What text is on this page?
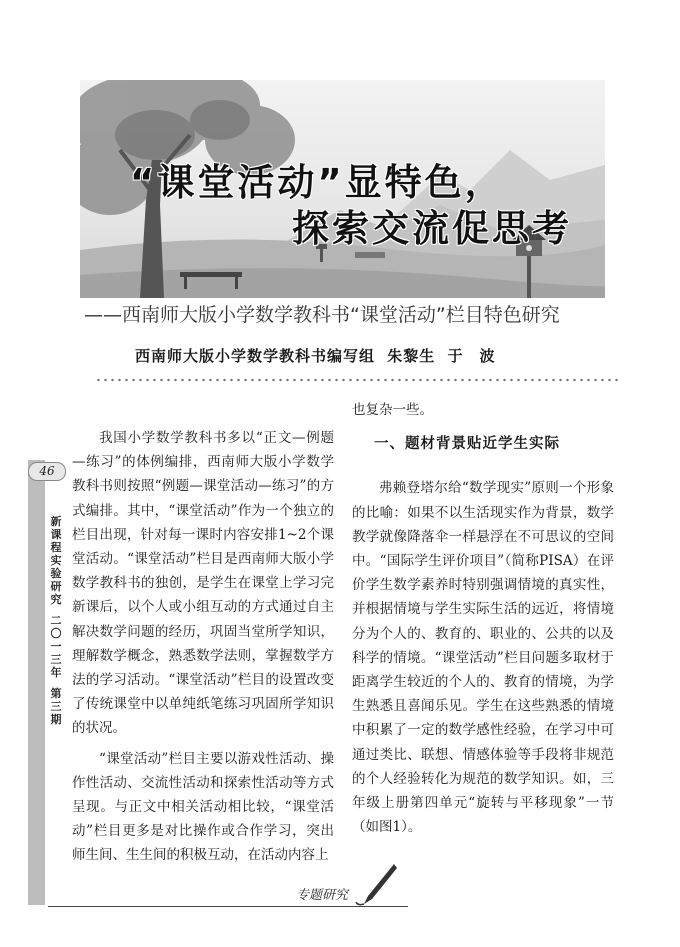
“课堂活动”显特色，
探索交流促思考
——西南师大版小学数学教科书“课堂活动”栏目特色研究
西南师大版小学数学教科书编写组 朱黎生 于　波
46
新课程实验研究
二〇一三年
第三期

我国小学数学教科书多以“正文—例题—练习”的体例编排，西南师大版小学数学教科书则按照“例题—课堂活动—练习”的方式编排。其中，“课堂活动”作为一个独立的栏目出现，针对每一课时内容安排1~2个课堂活动。“课堂活动”栏目是西南师大版小学数学教科书的独创，是学生在课堂上学习完新课后，以个人或小组互动的方式通过自主解决数学问题的经历，巩固当堂所学知识，理解数学概念，熟悉数学法则，掌握数学方法的学习活动。“课堂活动”栏目的设置改变了传统课堂中以单纯纸笔练习巩固所学知识的状况。

“课堂活动”栏目主要以游戏性活动、操作性活动、交流性活动和探索性活动等方式呈现。与正文中相关活动相比较，“课堂活动”栏目更多是对比操作或合作学习，突出师生间、生生间的积极互动，在活动内容上

也复杂一些。

一、题材背景贴近学生实际

弗赖登塔尔给“数学现实”原则一个形象的比喻：如果不以生活现实作为背景，数学教学就像降落伞一样悬浮在不可思议的空间中。“国际学生评价项目”（简称PISA）在评价学生数学素养时特别强调情境的真实性，并根据情境与学生实际生活的远近，将情境分为个人的、教育的、职业的、公共的以及科学的情境。“课堂活动”栏目问题多取材于距离学生较近的个人的、教育的情境，为学生熟悉且喜闻乐见。学生在这些熟悉的情境中积累了一定的数学感性经验，在学习中可通过类比、联想、情感体验等手段将非规范的个人经验转化为规范的数学知识。如，三年级上册第四单元“旋转与平移现象”一节（如图1）。

专题研究
